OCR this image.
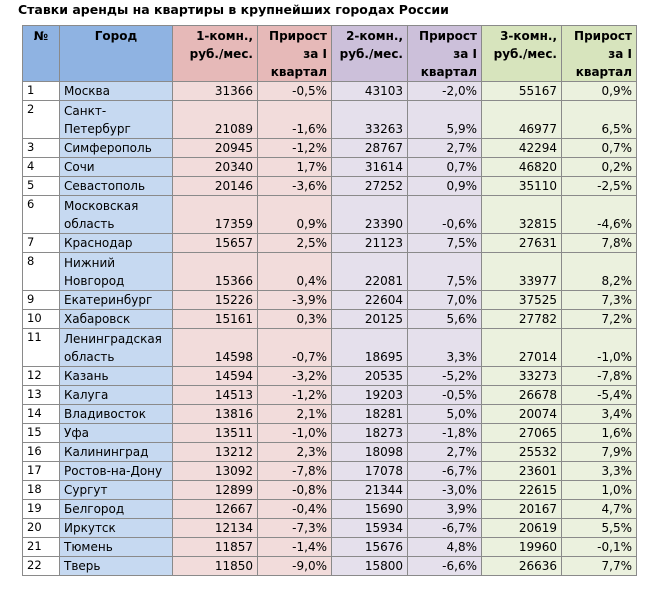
Ставки аренды на квартиры в крупнейших городах России
№	Город	1-комн., руб./мес.	Прирост за I квартал	2-комн., руб./мес.	Прирост за I квартал	3-комн., руб./мес.	Прирост за I квартал
1	Москва	31366	-0,5%	43103	-2,0%	55167	0,9%
2	Санкт-Петербург	21089	-1,6%	33263	5,9%	46977	6,5%
3	Симферополь	20945	-1,2%	28767	2,7%	42294	0,7%
4	Сочи	20340	1,7%	31614	0,7%	46820	0,2%
5	Севастополь	20146	-3,6%	27252	0,9%	35110	-2,5%
6	Московская область	17359	0,9%	23390	-0,6%	32815	-4,6%
7	Краснодар	15657	2,5%	21123	7,5%	27631	7,8%
8	Нижний Новгород	15366	0,4%	22081	7,5%	33977	8,2%
9	Екатеринбург	15226	-3,9%	22604	7,0%	37525	7,3%
10	Хабаровск	15161	0,3%	20125	5,6%	27782	7,2%
11	Ленинградская область	14598	-0,7%	18695	3,3%	27014	-1,0%
12	Казань	14594	-3,2%	20535	-5,2%	33273	-7,8%
13	Калуга	14513	-1,2%	19203	-0,5%	26678	-5,4%
14	Владивосток	13816	2,1%	18281	5,0%	20074	3,4%
15	Уфа	13511	-1,0%	18273	-1,8%	27065	1,6%
16	Калининград	13212	2,3%	18098	2,7%	25532	7,9%
17	Ростов-на-Дону	13092	-7,8%	17078	-6,7%	23601	3,3%
18	Сургут	12899	-0,8%	21344	-3,0%	22615	1,0%
19	Белгород	12667	-0,4%	15690	3,9%	20167	4,7%
20	Иркутск	12134	-7,3%	15934	-6,7%	20619	5,5%
21	Тюмень	11857	-1,4%	15676	4,8%	19960	-0,1%
22	Тверь	11850	-9,0%	15800	-6,6%	26636	7,7%
